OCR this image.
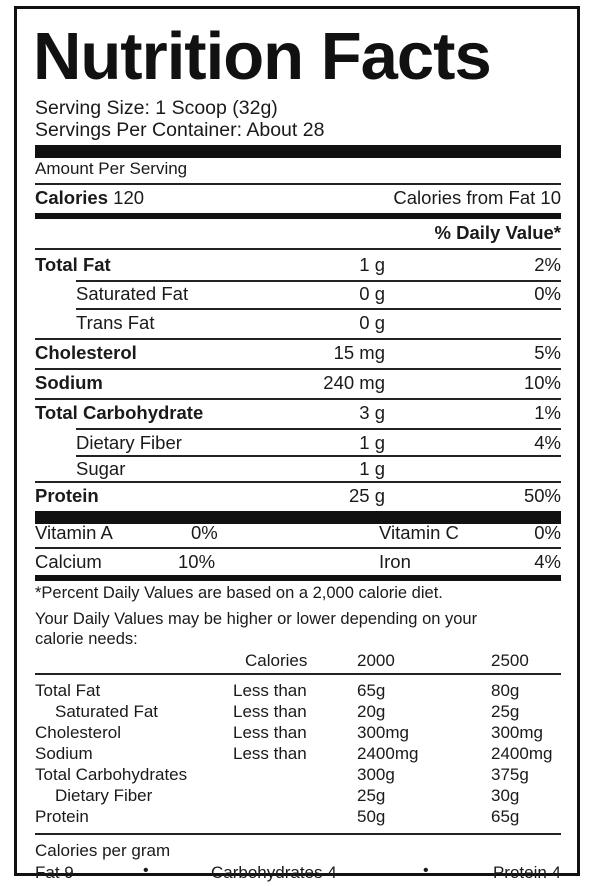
Nutrition Facts
Serving Size: 1 Scoop (32g)
Servings Per Container: About 28
Amount Per Serving
Calories 120	Calories from Fat 10
% Daily Value*
Total Fat	1 g	2%
Saturated Fat	0 g	0%
Trans Fat	0 g
Cholesterol	15 mg	5%
Sodium	240 mg	10%
Total Carbohydrate	3 g	1%
Dietary Fiber	1 g	4%
Sugar	1 g
Protein	25 g	50%
Vitamin A	0%	Vitamin C	0%
Calcium	10%	Iron	4%
*Percent Daily Values are based on a 2,000 calorie diet.
Your Daily Values may be higher or lower depending on your
calorie needs:
Calories	2000	2500
Total Fat	Less than	65g	80g
Saturated Fat	Less than	20g	25g
Cholesterol	Less than	300mg	300mg
Sodium	Less than	2400mg	2400mg
Total Carbohydrates	300g	375g
Dietary Fiber	25g	30g
Protein	50g	65g
Calories per gram
Fat 9	•	Carbohydrates 4	•	Protein 4
